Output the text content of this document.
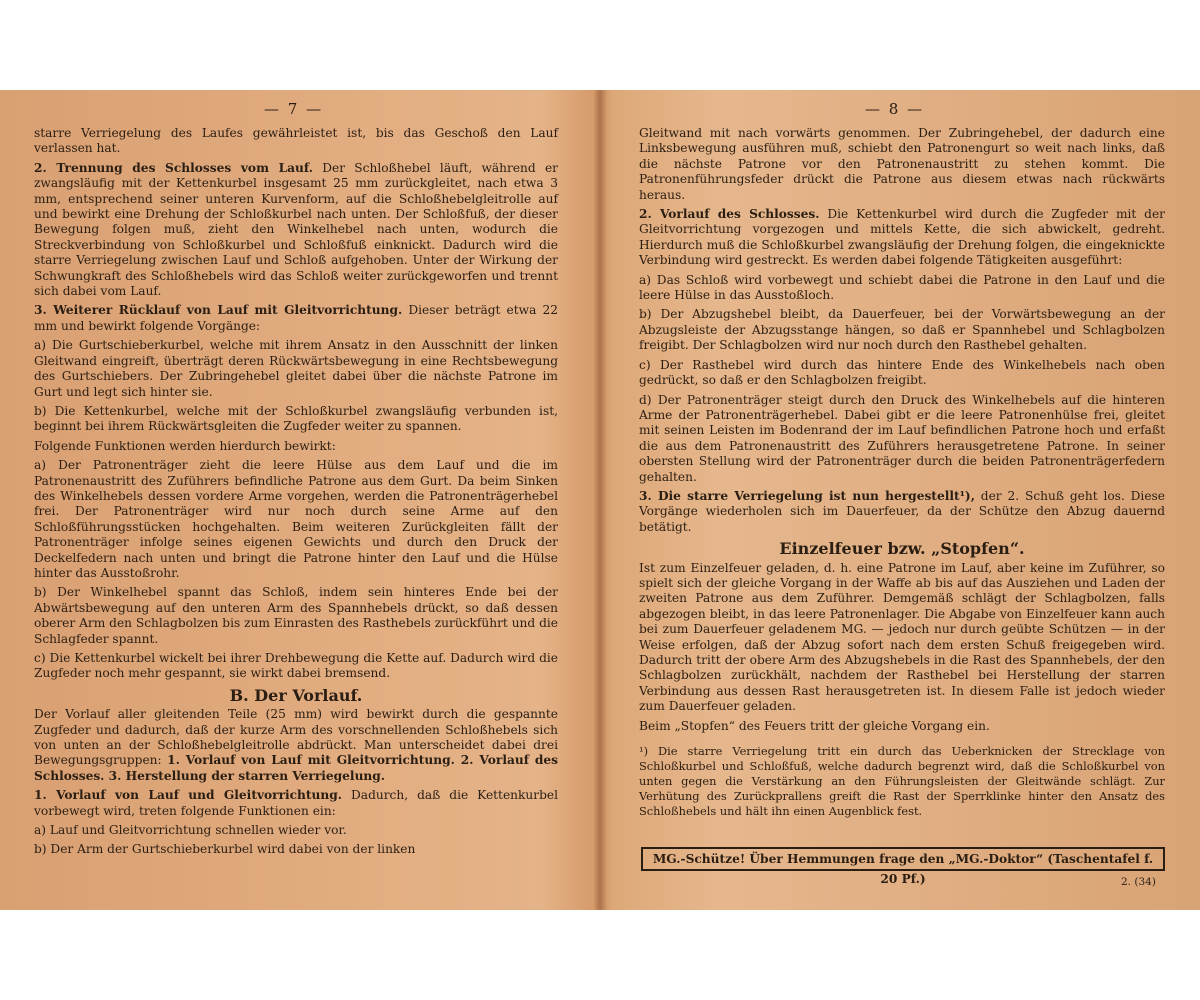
— 7 —

starre Verriegelung des Laufes gewährleistet ist, bis das Geschoß den Lauf verlassen hat.

2. Trennung des Schlosses vom Lauf. Der Schloßhebel läuft, während er zwangsläufig mit der Kettenkurbel insgesamt 25 mm zurückgleitet, nach etwa 3 mm, entsprechend seiner unteren Kurvenform, auf die Schloßhebelgleitrolle auf und bewirkt eine Drehung der Schloßkurbel nach unten. Der Schloßfuß, der dieser Bewegung folgen muß, zieht den Winkelhebel nach unten, wodurch die Streckverbindung von Schloßkurbel und Schloßfuß einknickt. Dadurch wird die starre Verriegelung zwischen Lauf und Schloß aufgehoben. Unter der Wirkung der Schwungkraft des Schloßhebels wird das Schloß weiter zurückgeworfen und trennt sich dabei vom Lauf.

3. Weiterer Rücklauf von Lauf mit Gleitvorrichtung. Dieser beträgt etwa 22 mm und bewirkt folgende Vorgänge:

a) Die Gurtschieberkurbel, welche mit ihrem Ansatz in den Ausschnitt der linken Gleitwand eingreift, überträgt deren Rückwärtsbewegung in eine Rechtsbewegung des Gurtschiebers. Der Zubringehebel gleitet dabei über die nächste Patrone im Gurt und legt sich hinter sie.

b) Die Kettenkurbel, welche mit der Schloßkurbel zwangsläufig verbunden ist, beginnt bei ihrem Rückwärtsgleiten die Zugfeder weiter zu spannen.

Folgende Funktionen werden hierdurch bewirkt:

a) Der Patronenträger zieht die leere Hülse aus dem Lauf und die im Patronenaustritt des Zuführers befindliche Patrone aus dem Gurt. Da beim Sinken des Winkelhebels dessen vordere Arme vorgehen, werden die Patronenträgerhebel frei. Der Patronenträger wird nur noch durch seine Arme auf den Schloßführungsstücken hochgehalten. Beim weiteren Zurückgleiten fällt der Patronenträger infolge seines eigenen Gewichts und durch den Druck der Deckelfedern nach unten und bringt die Patrone hinter den Lauf und die Hülse hinter das Ausstoßrohr.

b) Der Winkelhebel spannt das Schloß, indem sein hinteres Ende bei der Abwärtsbewegung auf den unteren Arm des Spannhebels drückt, so daß dessen oberer Arm den Schlagbolzen bis zum Einrasten des Rasthebels zurückführt und die Schlagfeder spannt.

c) Die Kettenkurbel wickelt bei ihrer Drehbewegung die Kette auf. Dadurch wird die Zugfeder noch mehr gespannt, sie wirkt dabei bremsend.

B. Der Vorlauf.

Der Vorlauf aller gleitenden Teile (25 mm) wird bewirkt durch die gespannte Zugfeder und dadurch, daß der kurze Arm des vorschnellenden Schloßhebels sich von unten an der Schloßhebelgleitrolle abdrückt. Man unterscheidet dabei drei Bewegungsgruppen: 1. Vorlauf von Lauf mit Gleitvorrichtung. 2. Vorlauf des Schlosses. 3. Herstellung der starren Verriegelung.

1. Vorlauf von Lauf und Gleitvorrichtung. Dadurch, daß die Kettenkurbel vorbewegt wird, treten folgende Funktionen ein:

a) Lauf und Gleitvorrichtung schnellen wieder vor.

b) Der Arm der Gurtschieberkurbel wird dabei von der linken

— 8 —

Gleitwand mit nach vorwärts genommen. Der Zubringehebel, der dadurch eine Linksbewegung ausführen muß, schiebt den Patronengurt so weit nach links, daß die nächste Patrone vor den Patronenaustritt zu stehen kommt. Die Patronenführungsfeder drückt die Patrone aus diesem etwas nach rückwärts heraus.

2. Vorlauf des Schlosses. Die Kettenkurbel wird durch die Zugfeder mit der Gleitvorrichtung vorgezogen und mittels Kette, die sich abwickelt, gedreht. Hierdurch muß die Schloßkurbel zwangsläufig der Drehung folgen, die eingeknickte Verbindung wird gestreckt. Es werden dabei folgende Tätigkeiten ausgeführt:

a) Das Schloß wird vorbewegt und schiebt dabei die Patrone in den Lauf und die leere Hülse in das Ausstoßloch.

b) Der Abzugshebel bleibt, da Dauerfeuer, bei der Vorwärtsbewegung an der Abzugsleiste der Abzugsstange hängen, so daß er Spannhebel und Schlagbolzen freigibt. Der Schlagbolzen wird nur noch durch den Rasthebel gehalten.

c) Der Rasthebel wird durch das hintere Ende des Winkelhebels nach oben gedrückt, so daß er den Schlagbolzen freigibt.

d) Der Patronenträger steigt durch den Druck des Winkelhebels auf die hinteren Arme der Patronenträgerhebel. Dabei gibt er die leere Patronenhülse frei, gleitet mit seinen Leisten im Bodenrand der im Lauf befindlichen Patrone hoch und erfaßt die aus dem Patronenaustritt des Zuführers herausgetretene Patrone. In seiner obersten Stellung wird der Patronenträger durch die beiden Patronenträgerfedern gehalten.

3. Die starre Verriegelung ist nun hergestellt¹), der 2. Schuß geht los. Diese Vorgänge wiederholen sich im Dauerfeuer, da der Schütze den Abzug dauernd betätigt.

Einzelfeuer bzw. „Stopfen“.

Ist zum Einzelfeuer geladen, d. h. eine Patrone im Lauf, aber keine im Zuführer, so spielt sich der gleiche Vorgang in der Waffe ab bis auf das Ausziehen und Laden der zweiten Patrone aus dem Zuführer. Demgemäß schlägt der Schlagbolzen, falls abgezogen bleibt, in das leere Patronenlager. Die Abgabe von Einzelfeuer kann auch bei zum Dauerfeuer geladenem MG. — jedoch nur durch geübte Schützen — in der Weise erfolgen, daß der Abzug sofort nach dem ersten Schuß freigegeben wird. Dadurch tritt der obere Arm des Abzugshebels in die Rast des Spannhebels, der den Schlagbolzen zurückhält, nachdem der Rasthebel bei Herstellung der starren Verbindung aus dessen Rast herausgetreten ist. In diesem Falle ist jedoch wieder zum Dauerfeuer geladen.

Beim „Stopfen“ des Feuers tritt der gleiche Vorgang ein.

¹) Die starre Verriegelung tritt ein durch das Ueberknicken der Strecklage von Schloßkurbel und Schloßfuß, welche dadurch begrenzt wird, daß die Schloßkurbel von unten gegen die Verstärkung an den Führungsleisten der Gleitwände schlägt. Zur Verhütung des Zurückprallens greift die Rast der Sperrklinke hinter den Ansatz des Schloßhebels und hält ihn einen Augenblick fest.

MG.-Schütze! Über Hemmungen frage den „MG.-Doktor“ (Taschentafel f. 20 Pf.)	2. (34)
